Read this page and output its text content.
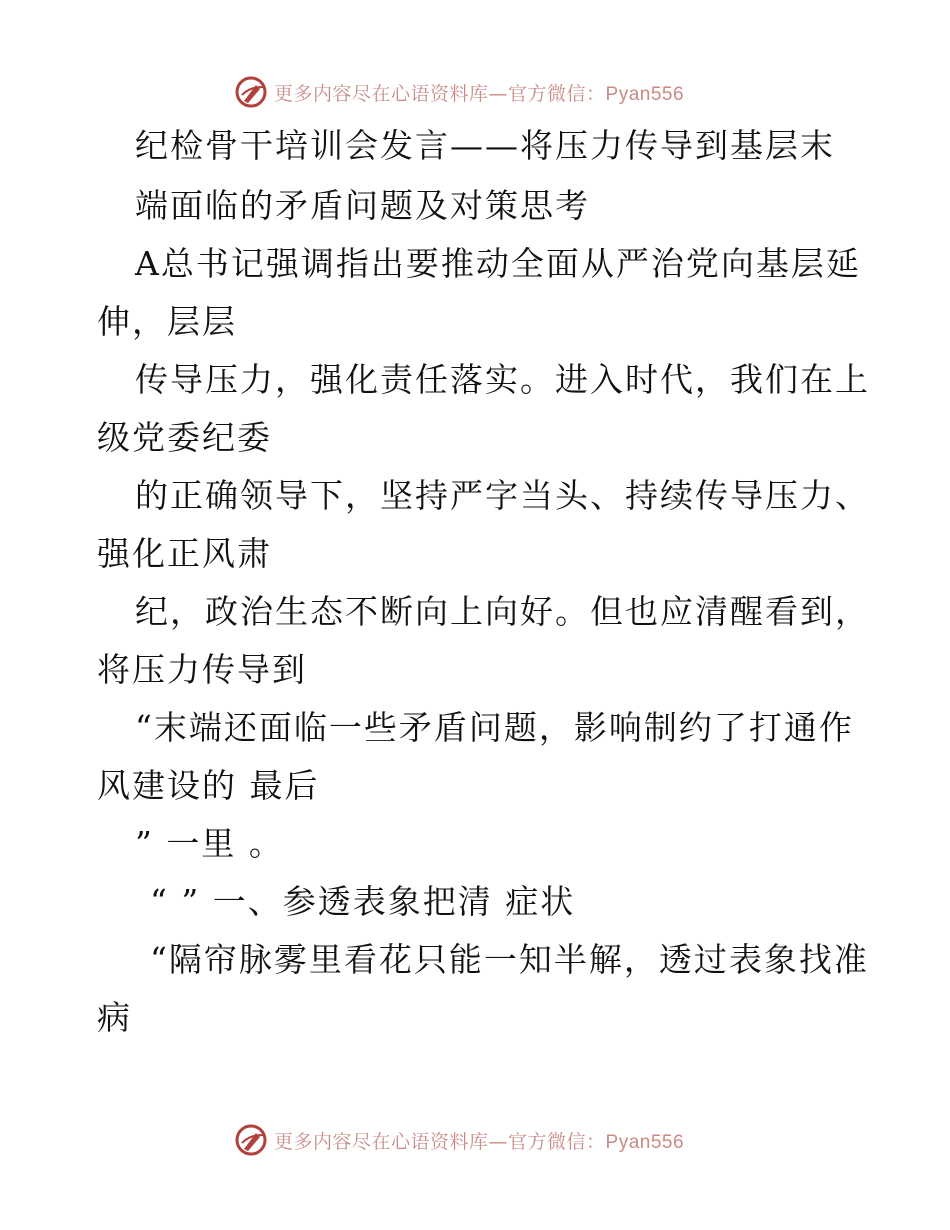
更多内容尽在心语资料库—官方微信：Pyan556
纪检骨干培训会发言——将压力传导到基层末
端面临的矛盾问题及对策思考
A总书记强调指出要推动全面从严治党向基层延
伸，层层
传导压力，强化责任落实。进入时代，我们在上
级党委纪委
的正确领导下，坚持严字当头、持续传导压力、
强化正风肃
纪，政治生态不断向上向好。但也应清醒看到，
将压力传导到
“末端还面临一些矛盾问题，影响制约了打通作
风建设的 最后
” 一里 。
“ ” 一、参透表象把清 症状
“隔帘脉雾里看花只能一知半解，透过表象找准
病
更多内容尽在心语资料库—官方微信：Pyan556
